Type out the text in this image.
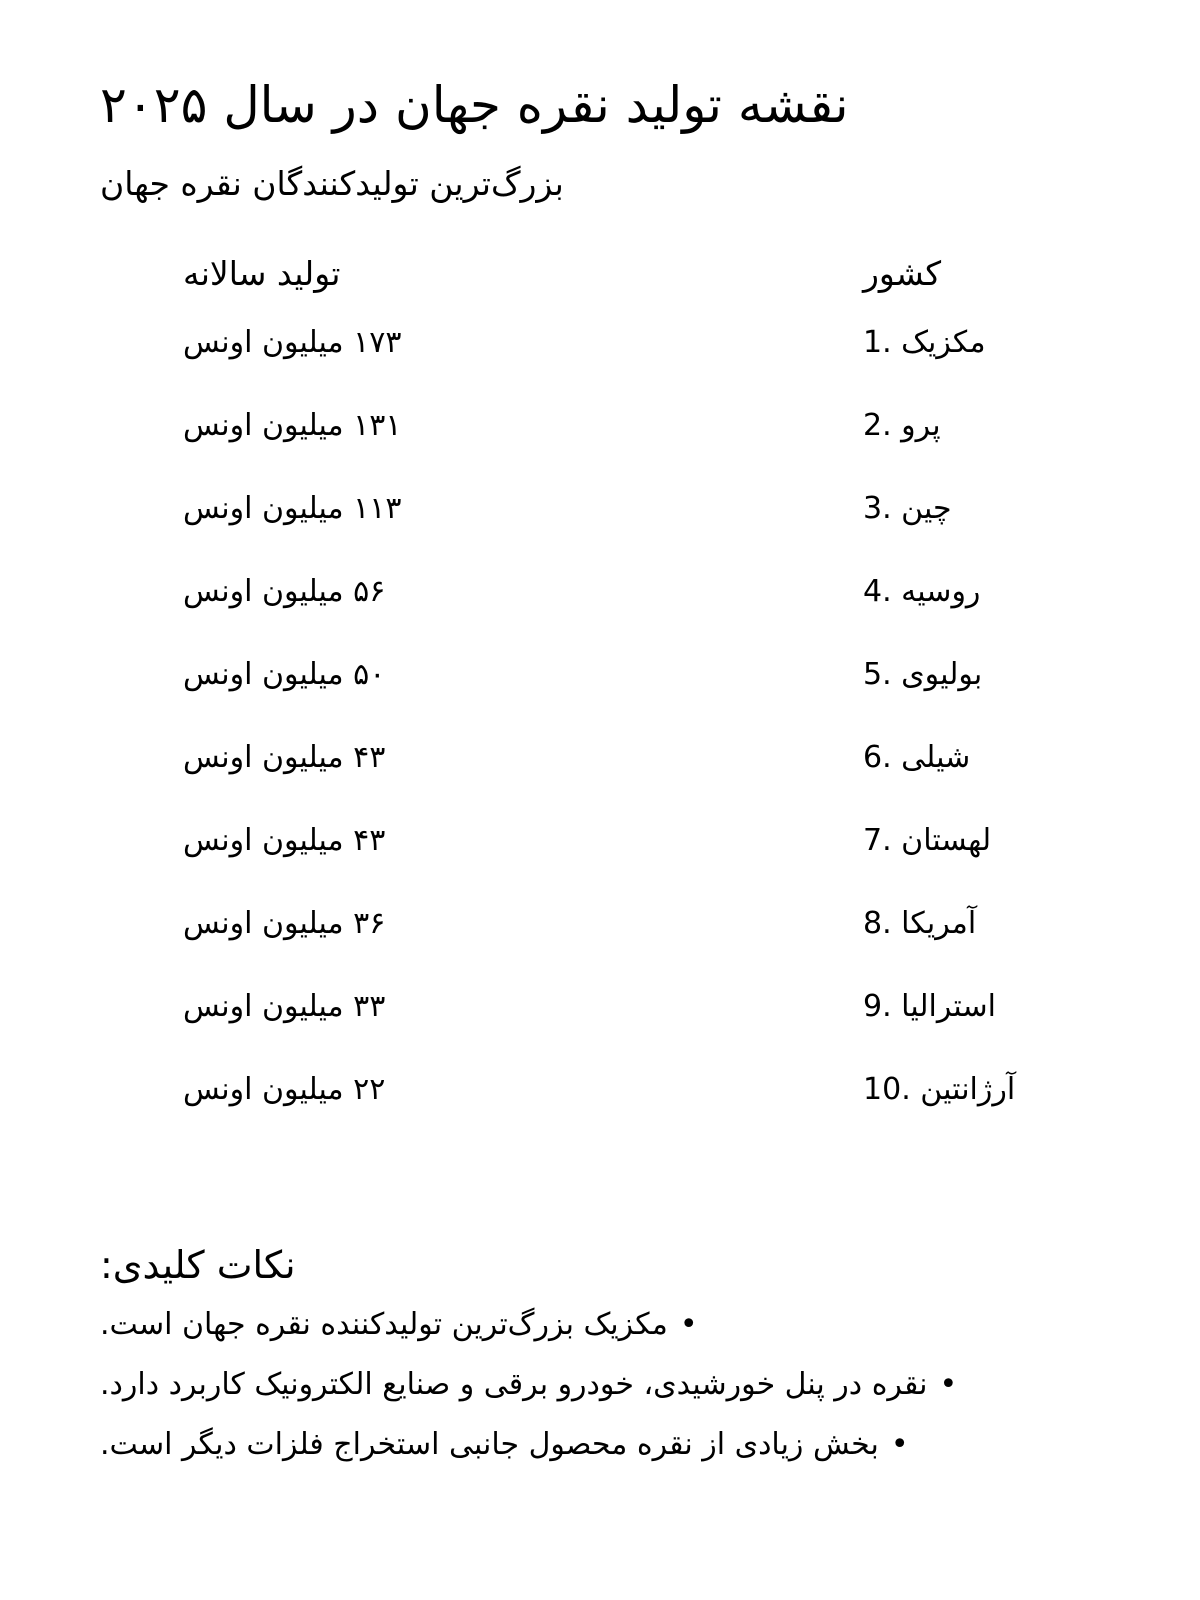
نقشه تولید نقره جهان در سال ۲۰۲۵
بزرگ‌ترین تولیدکنندگان نقره جهان
کشور
تولید سالانه
1. مکزیک
۱۷۳ میلیون اونس
2. پرو
۱۳۱ میلیون اونس
3. چین
۱۱۳ میلیون اونس
4. روسیه
۵۶ میلیون اونس
5. بولیوی
۵۰ میلیون اونس
6. شیلی
۴۳ میلیون اونس
7. لهستان
۴۳ میلیون اونس
8. آمریکا
۳۶ میلیون اونس
9. استرالیا
۳۳ میلیون اونس
10. آرژانتین
۲۲ میلیون اونس
نکات کلیدی:
•مکزیک بزرگ‌ترین تولیدکننده نقره جهان است.
•نقره در پنل خورشیدی، خودرو برقی و صنایع الکترونیک کاربرد دارد.
•بخش زیادی از نقره محصول جانبی استخراج فلزات دیگر است.
